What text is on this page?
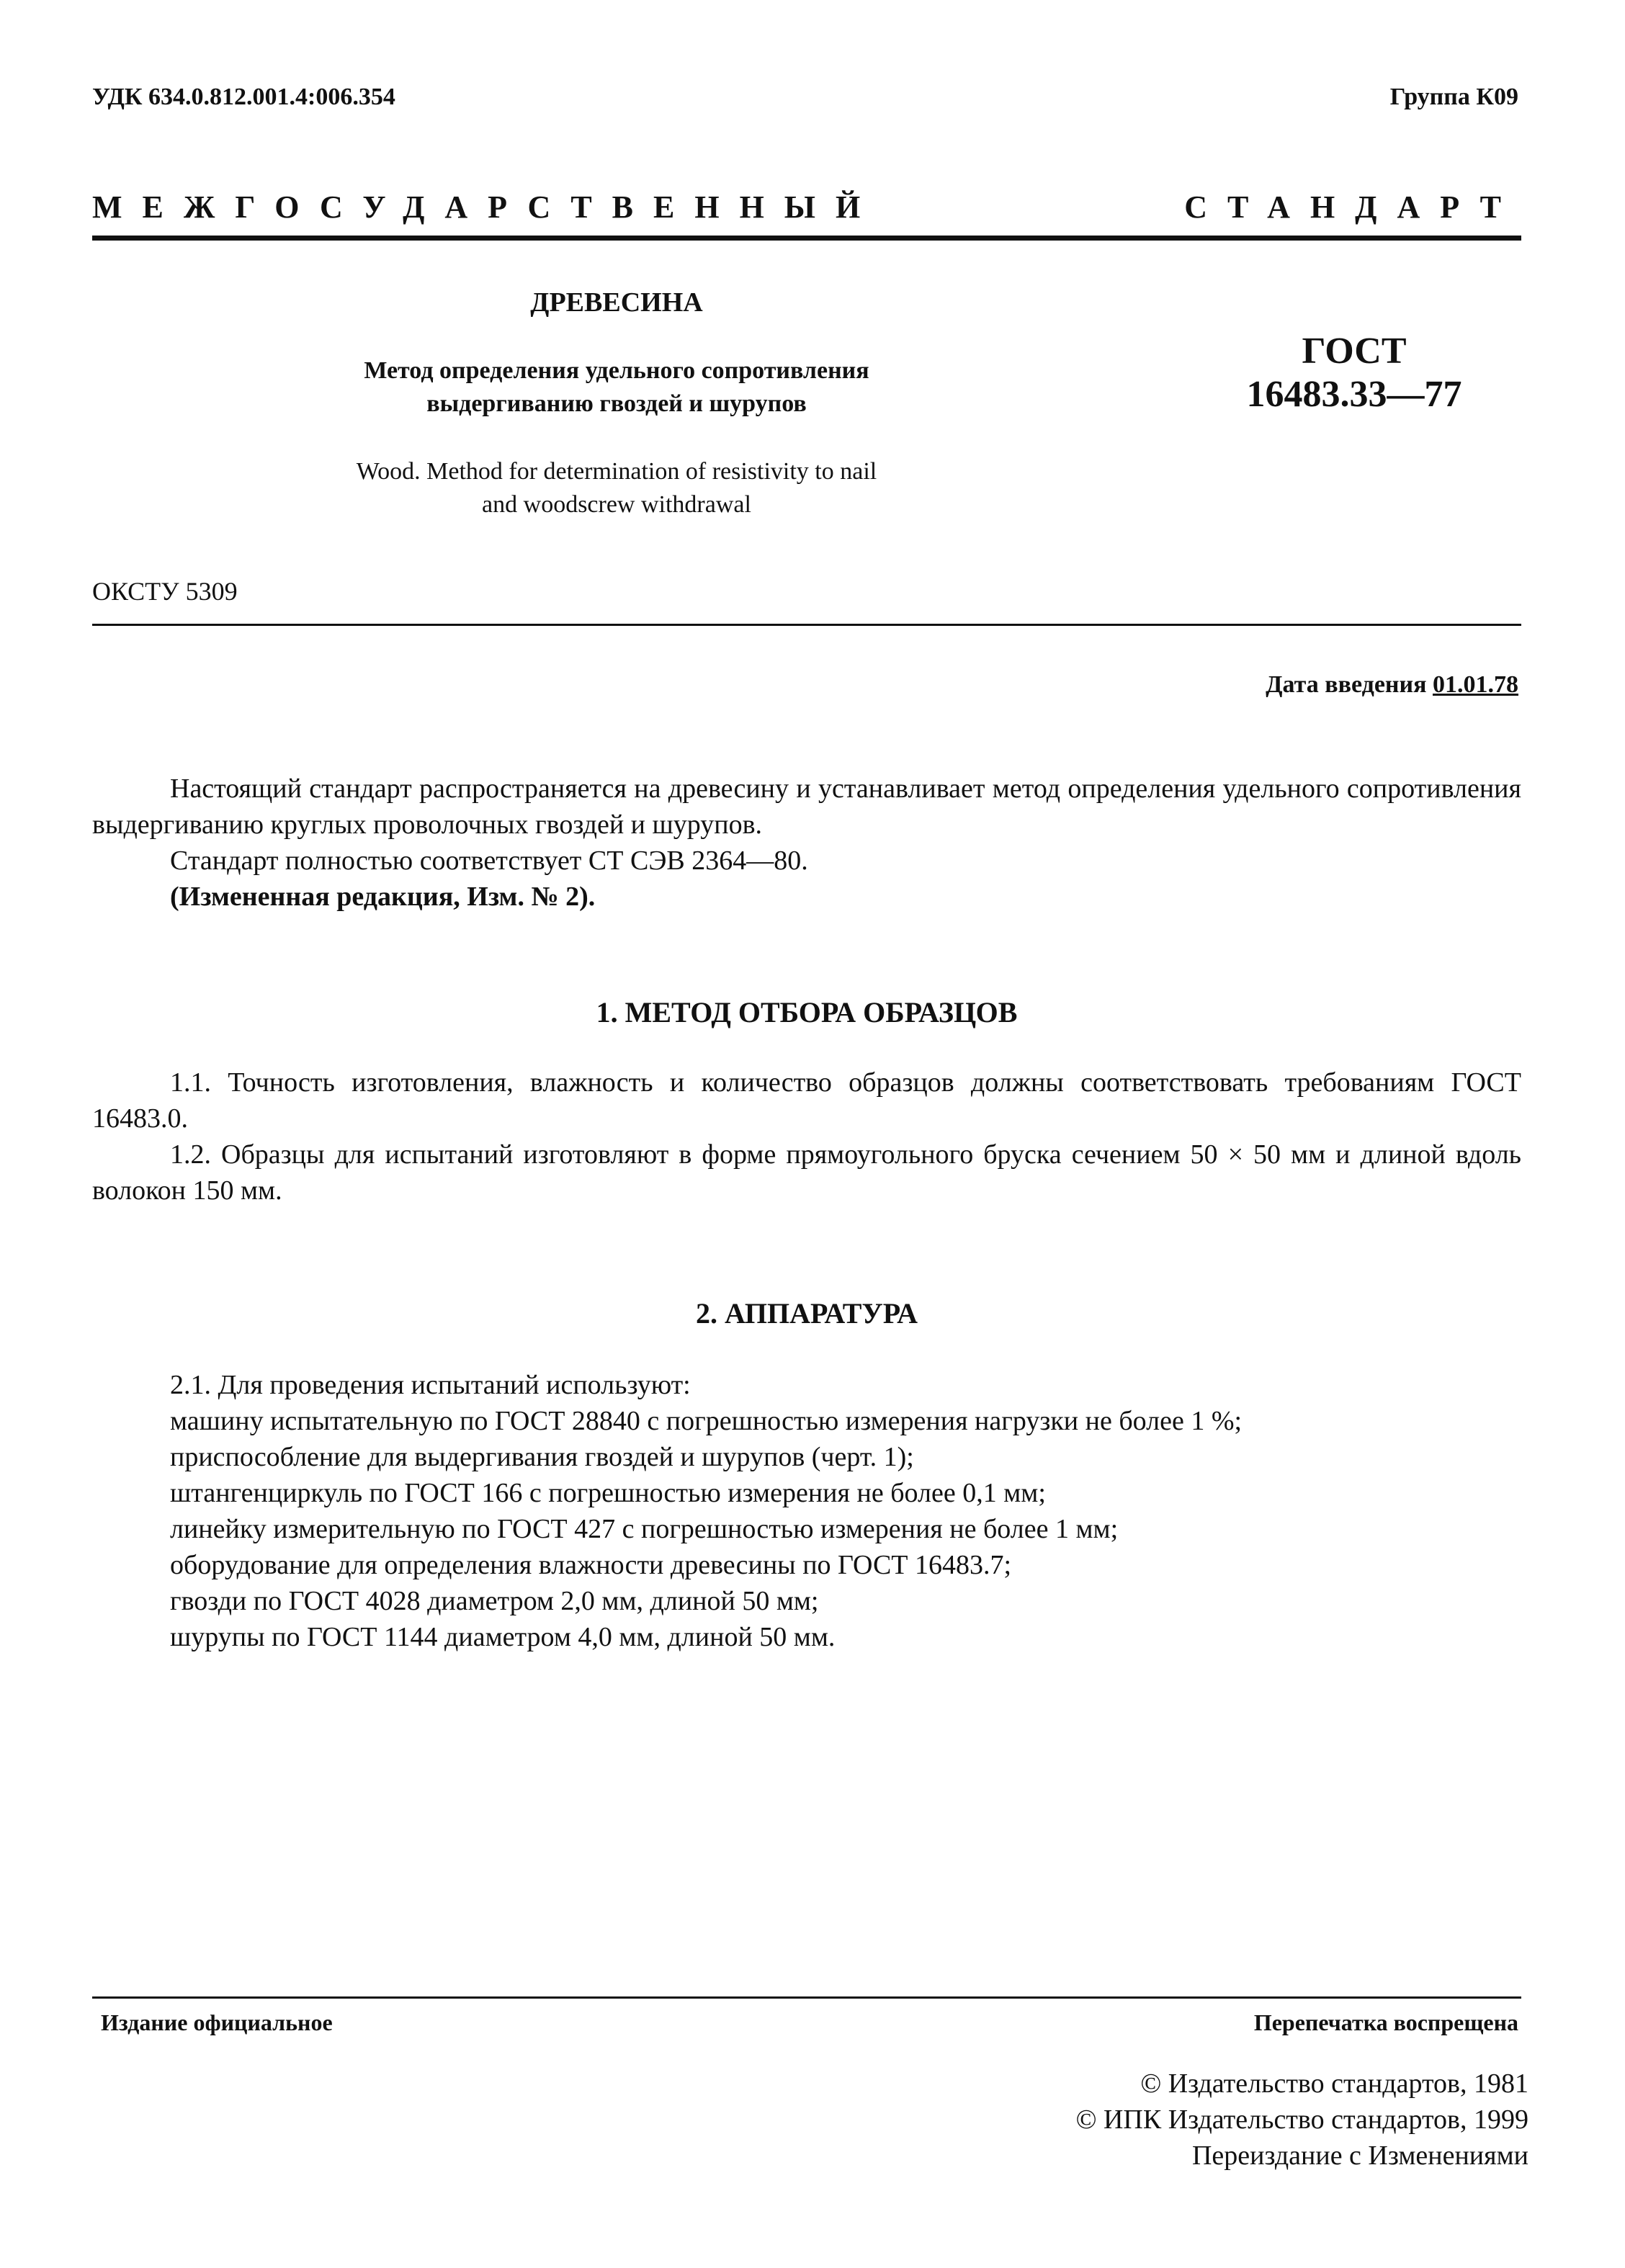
УДК 634.0.812.001.4:006.354	Группа К09
МЕЖГОСУДАРСТВЕННЫЙ	СТАНДАРТ
ДРЕВЕСИНА
Метод определения удельного сопротивления
выдергиванию гвоздей и шурупов
Wood. Method for determination of resistivity to nail
and woodscrew withdrawal
ГОСТ
16483.33—77
ОКСТУ 5309
Дата введения 01.01.78
Настоящий стандарт распространяется на древесину и устанавливает метод определения удельного сопротивления выдергиванию круглых проволочных гвоздей и шурупов.
Стандарт полностью соответствует СТ СЭВ 2364—80.
(Измененная редакция, Изм. № 2).
1. МЕТОД ОТБОРА ОБРАЗЦОВ
1.1. Точность изготовления, влажность и количество образцов должны соответствовать требованиям ГОСТ 16483.0.
1.2. Образцы для испытаний изготовляют в форме прямоугольного бруска сечением 50 × 50 мм и длиной вдоль волокон 150 мм.
2. АППАРАТУРА
2.1. Для проведения испытаний используют:
машину испытательную по ГОСТ 28840 с погрешностью измерения нагрузки не более 1 %;
приспособление для выдергивания гвоздей и шурупов (черт. 1);
штангенциркуль по ГОСТ 166 с погрешностью измерения не более 0,1 мм;
линейку измерительную по ГОСТ 427 с погрешностью измерения не более 1 мм;
оборудование для определения влажности древесины по ГОСТ 16483.7;
гвозди по ГОСТ 4028 диаметром 2,0 мм, длиной 50 мм;
шурупы по ГОСТ 1144 диаметром 4,0 мм, длиной 50 мм.
Издание официальное	Перепечатка воспрещена
© Издательство стандартов, 1981
© ИПК Издательство стандартов, 1999
Переиздание с Изменениями
